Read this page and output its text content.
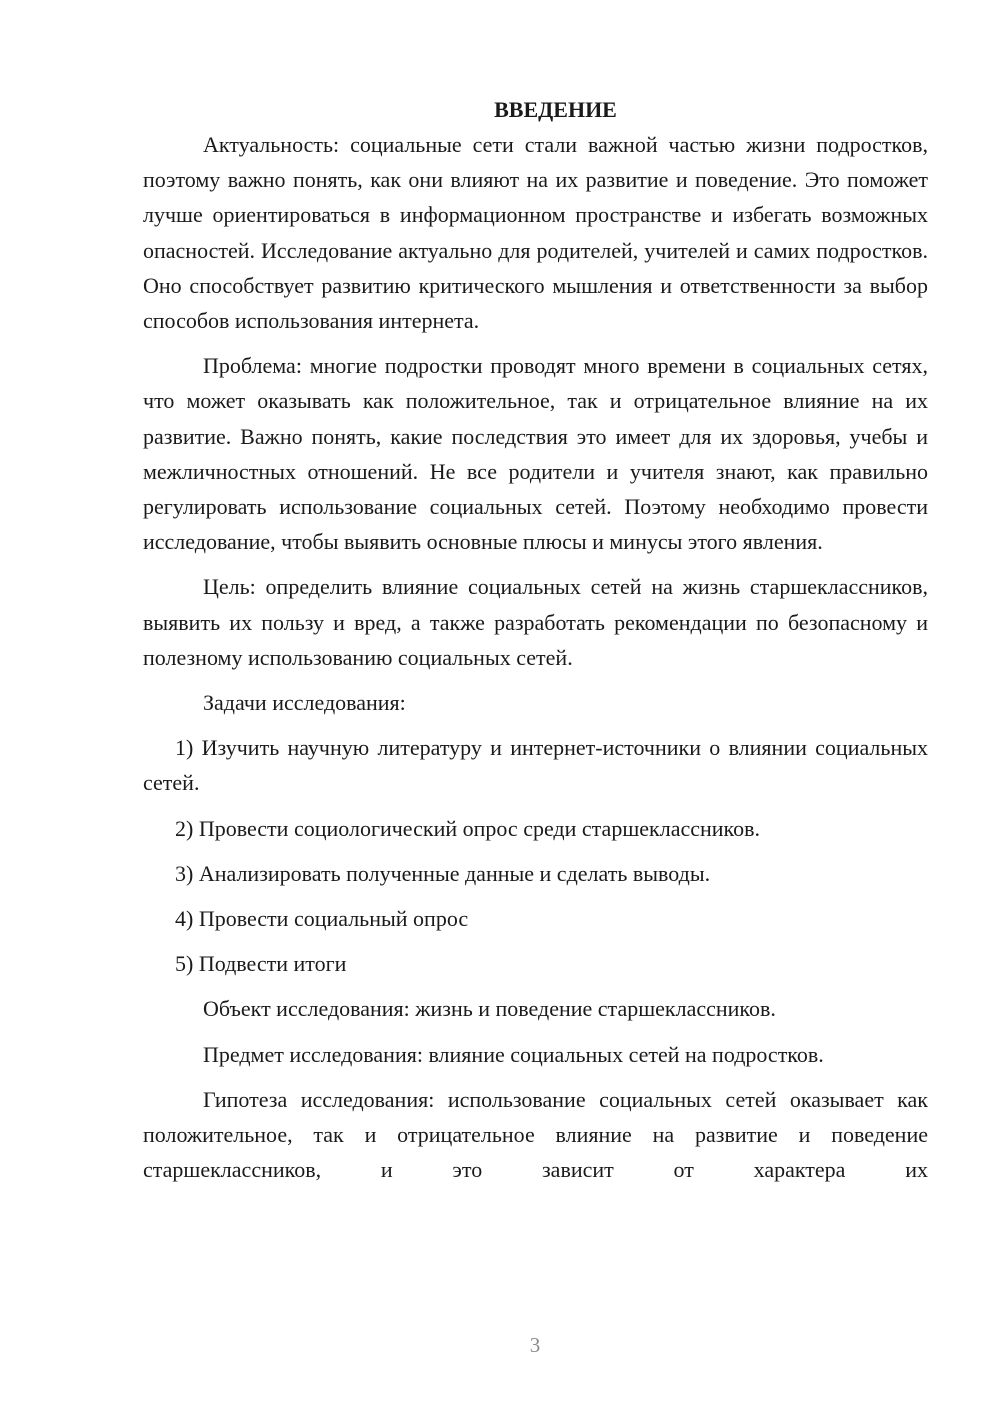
ВВЕДЕНИЕ

Актуальность: социальные сети стали важной частью жизни подростков, поэтому важно понять, как они влияют на их развитие и поведение. Это поможет лучше ориентироваться в информационном пространстве и избегать возможных опасностей. Исследование актуально для родителей, учителей и самих подростков. Оно способствует развитию критического мышления и ответственности за выбор способов использования интернета.

Проблема: многие подростки проводят много времени в социальных сетях, что может оказывать как положительное, так и отрицательное влияние на их развитие. Важно понять, какие последствия это имеет для их здоровья, учебы и межличностных отношений. Не все родители и учителя знают, как правильно регулировать использование социальных сетей. Поэтому необходимо провести исследование, чтобы выявить основные плюсы и минусы этого явления.

Цель: определить влияние социальных сетей на жизнь старшеклассников, выявить их пользу и вред, а также разработать рекомендации по безопасному и полезному использованию социальных сетей.

Задачи исследования:

1) Изучить научную литературу и интернет-источники о влиянии социальных сетей.

2) Провести социологический опрос среди старшеклассников.

3) Анализировать полученные данные и сделать выводы.

4) Провести социальный опрос

5) Подвести итоги

Объект исследования: жизнь и поведение старшеклассников.

Предмет исследования: влияние социальных сетей на подростков.

Гипотеза исследования: использование социальных сетей оказывает как положительное, так и отрицательное влияние на развитие и поведение старшеклассников, и это зависит от характера их

3
